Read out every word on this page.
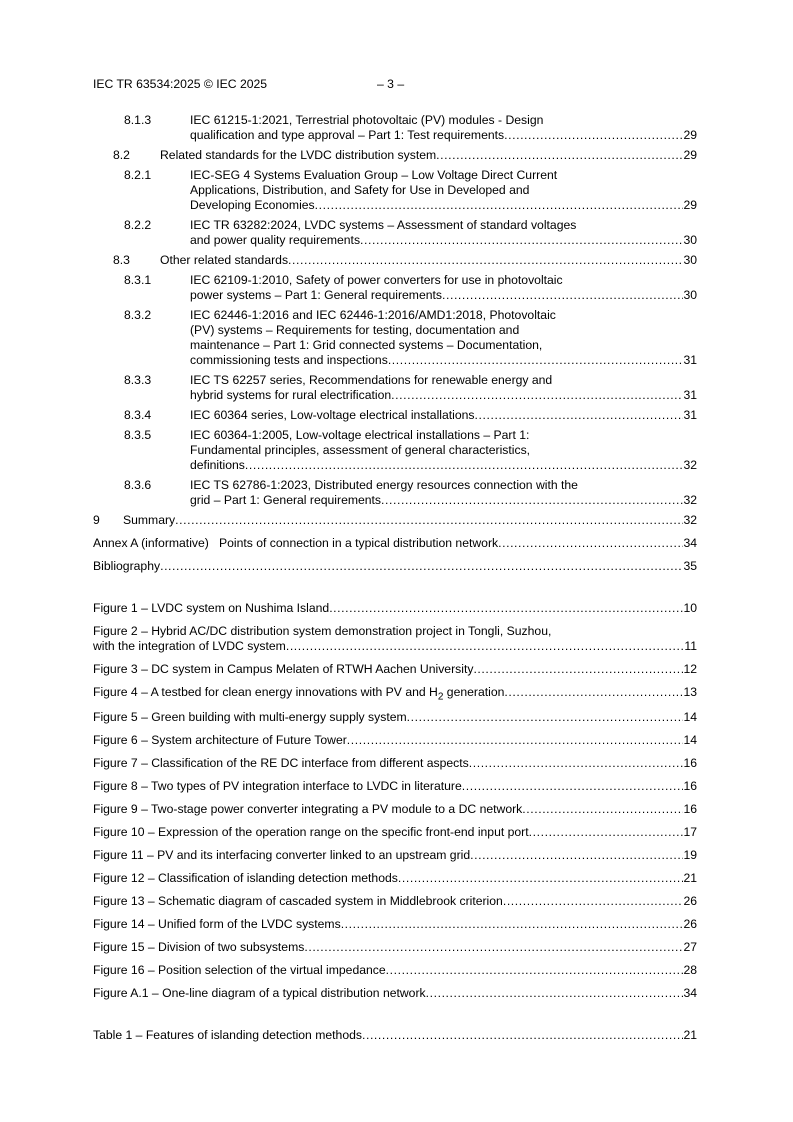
IEC TR 63534:2025 © IEC 2025	– 3 –
8.1.3	IEC 61215-1:2021, Terrestrial photovoltaic (PV) modules - Design
qualification and type approval – Part 1: Test requirements .....	29
8.2 Related standards for the LVDC distribution system .....	29
8.2.1	IEC-SEG 4 Systems Evaluation Group – Low Voltage Direct Current
Applications, Distribution, and Safety for Use in Developed and
Developing Economies .....	29
8.2.2	IEC TR 63282:2024, LVDC systems – Assessment of standard voltages
and power quality requirements .....	30
8.3 Other related standards .....	30
8.3.1	IEC 62109-1:2010, Safety of power converters for use in photovoltaic
power systems – Part 1: General requirements .....	30
8.3.2	IEC 62446-1:2016 and IEC 62446-1:2016/AMD1:2018, Photovoltaic
(PV) systems – Requirements for testing, documentation and
maintenance – Part 1: Grid connected systems – Documentation,
commissioning tests and inspections .....	31
8.3.3	IEC TS 62257 series, Recommendations for renewable energy and
hybrid systems for rural electrification .....	31
8.3.4	IEC 60364 series, Low-voltage electrical installations .....	31
8.3.5	IEC 60364-1:2005, Low-voltage electrical installations – Part 1:
Fundamental principles, assessment of general characteristics,
definitions .....	32
8.3.6	IEC TS 62786-1:2023, Distributed energy resources connection with the
grid – Part 1: General requirements .....	32
9 Summary .....	32
Annex A (informative)   Points of connection in a typical distribution network .....	34
Bibliography .....	35
Figure 1 – LVDC system on Nushima Island .....	10
Figure 2 – Hybrid AC/DC distribution system demonstration project in Tongli, Suzhou,
with the integration of LVDC system .....	11
Figure 3 – DC system in Campus Melaten of RTWH Aachen University .....	12
Figure 4 – A testbed for clean energy innovations with PV and $H_2$ generation .....	13
Figure 5 – Green building with multi-energy supply system .....	14
Figure 6 – System architecture of Future Tower .....	14
Figure 7 – Classification of the RE DC interface from different aspects .....	16
Figure 8 – Two types of PV integration interface to LVDC in literature .....	16
Figure 9 – Two-stage power converter integrating a PV module to a DC network .....	16
Figure 10 – Expression of the operation range on the specific front-end input port .....	17
Figure 11 – PV and its interfacing converter linked to an upstream grid .....	19
Figure 12 – Classification of islanding detection methods .....	21
Figure 13 – Schematic diagram of cascaded system in Middlebrook criterion .....	26
Figure 14 – Unified form of the LVDC systems .....	26
Figure 15 – Division of two subsystems .....	27
Figure 16 – Position selection of the virtual impedance .....	28
Figure A.1 – One-line diagram of a typical distribution network .....	34
Table 1 – Features of islanding detection methods .....	21
